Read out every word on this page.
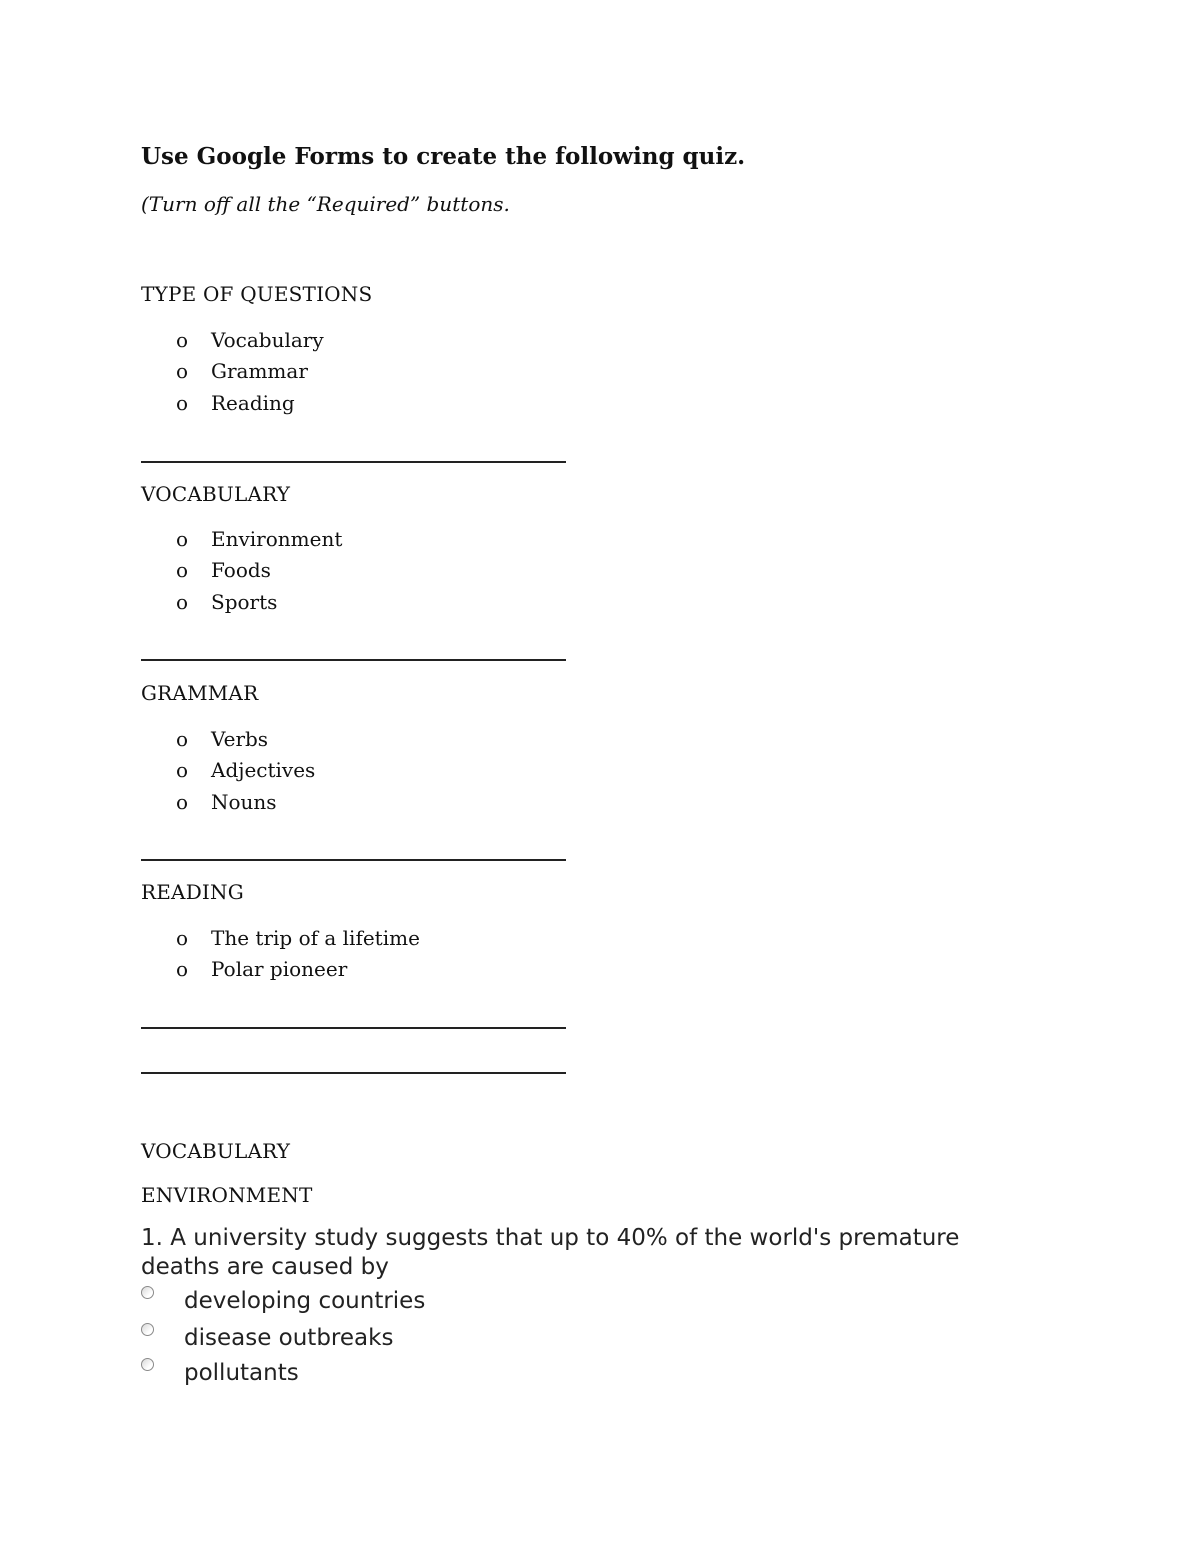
Use Google Forms to create the following quiz.
(Turn off all the “Required” buttons.
TYPE OF QUESTIONS
o	Vocabulary
o	Grammar
o	Reading
VOCABULARY
o	Environment
o	Foods
o	Sports
GRAMMAR
o	Verbs
o	Adjectives
o	Nouns
READING
o	The trip of a lifetime
o	Polar pioneer
VOCABULARY
ENVIRONMENT
1. A university study suggests that up to 40% of the world's premature deaths are caused by
developing countries
disease outbreaks
pollutants
